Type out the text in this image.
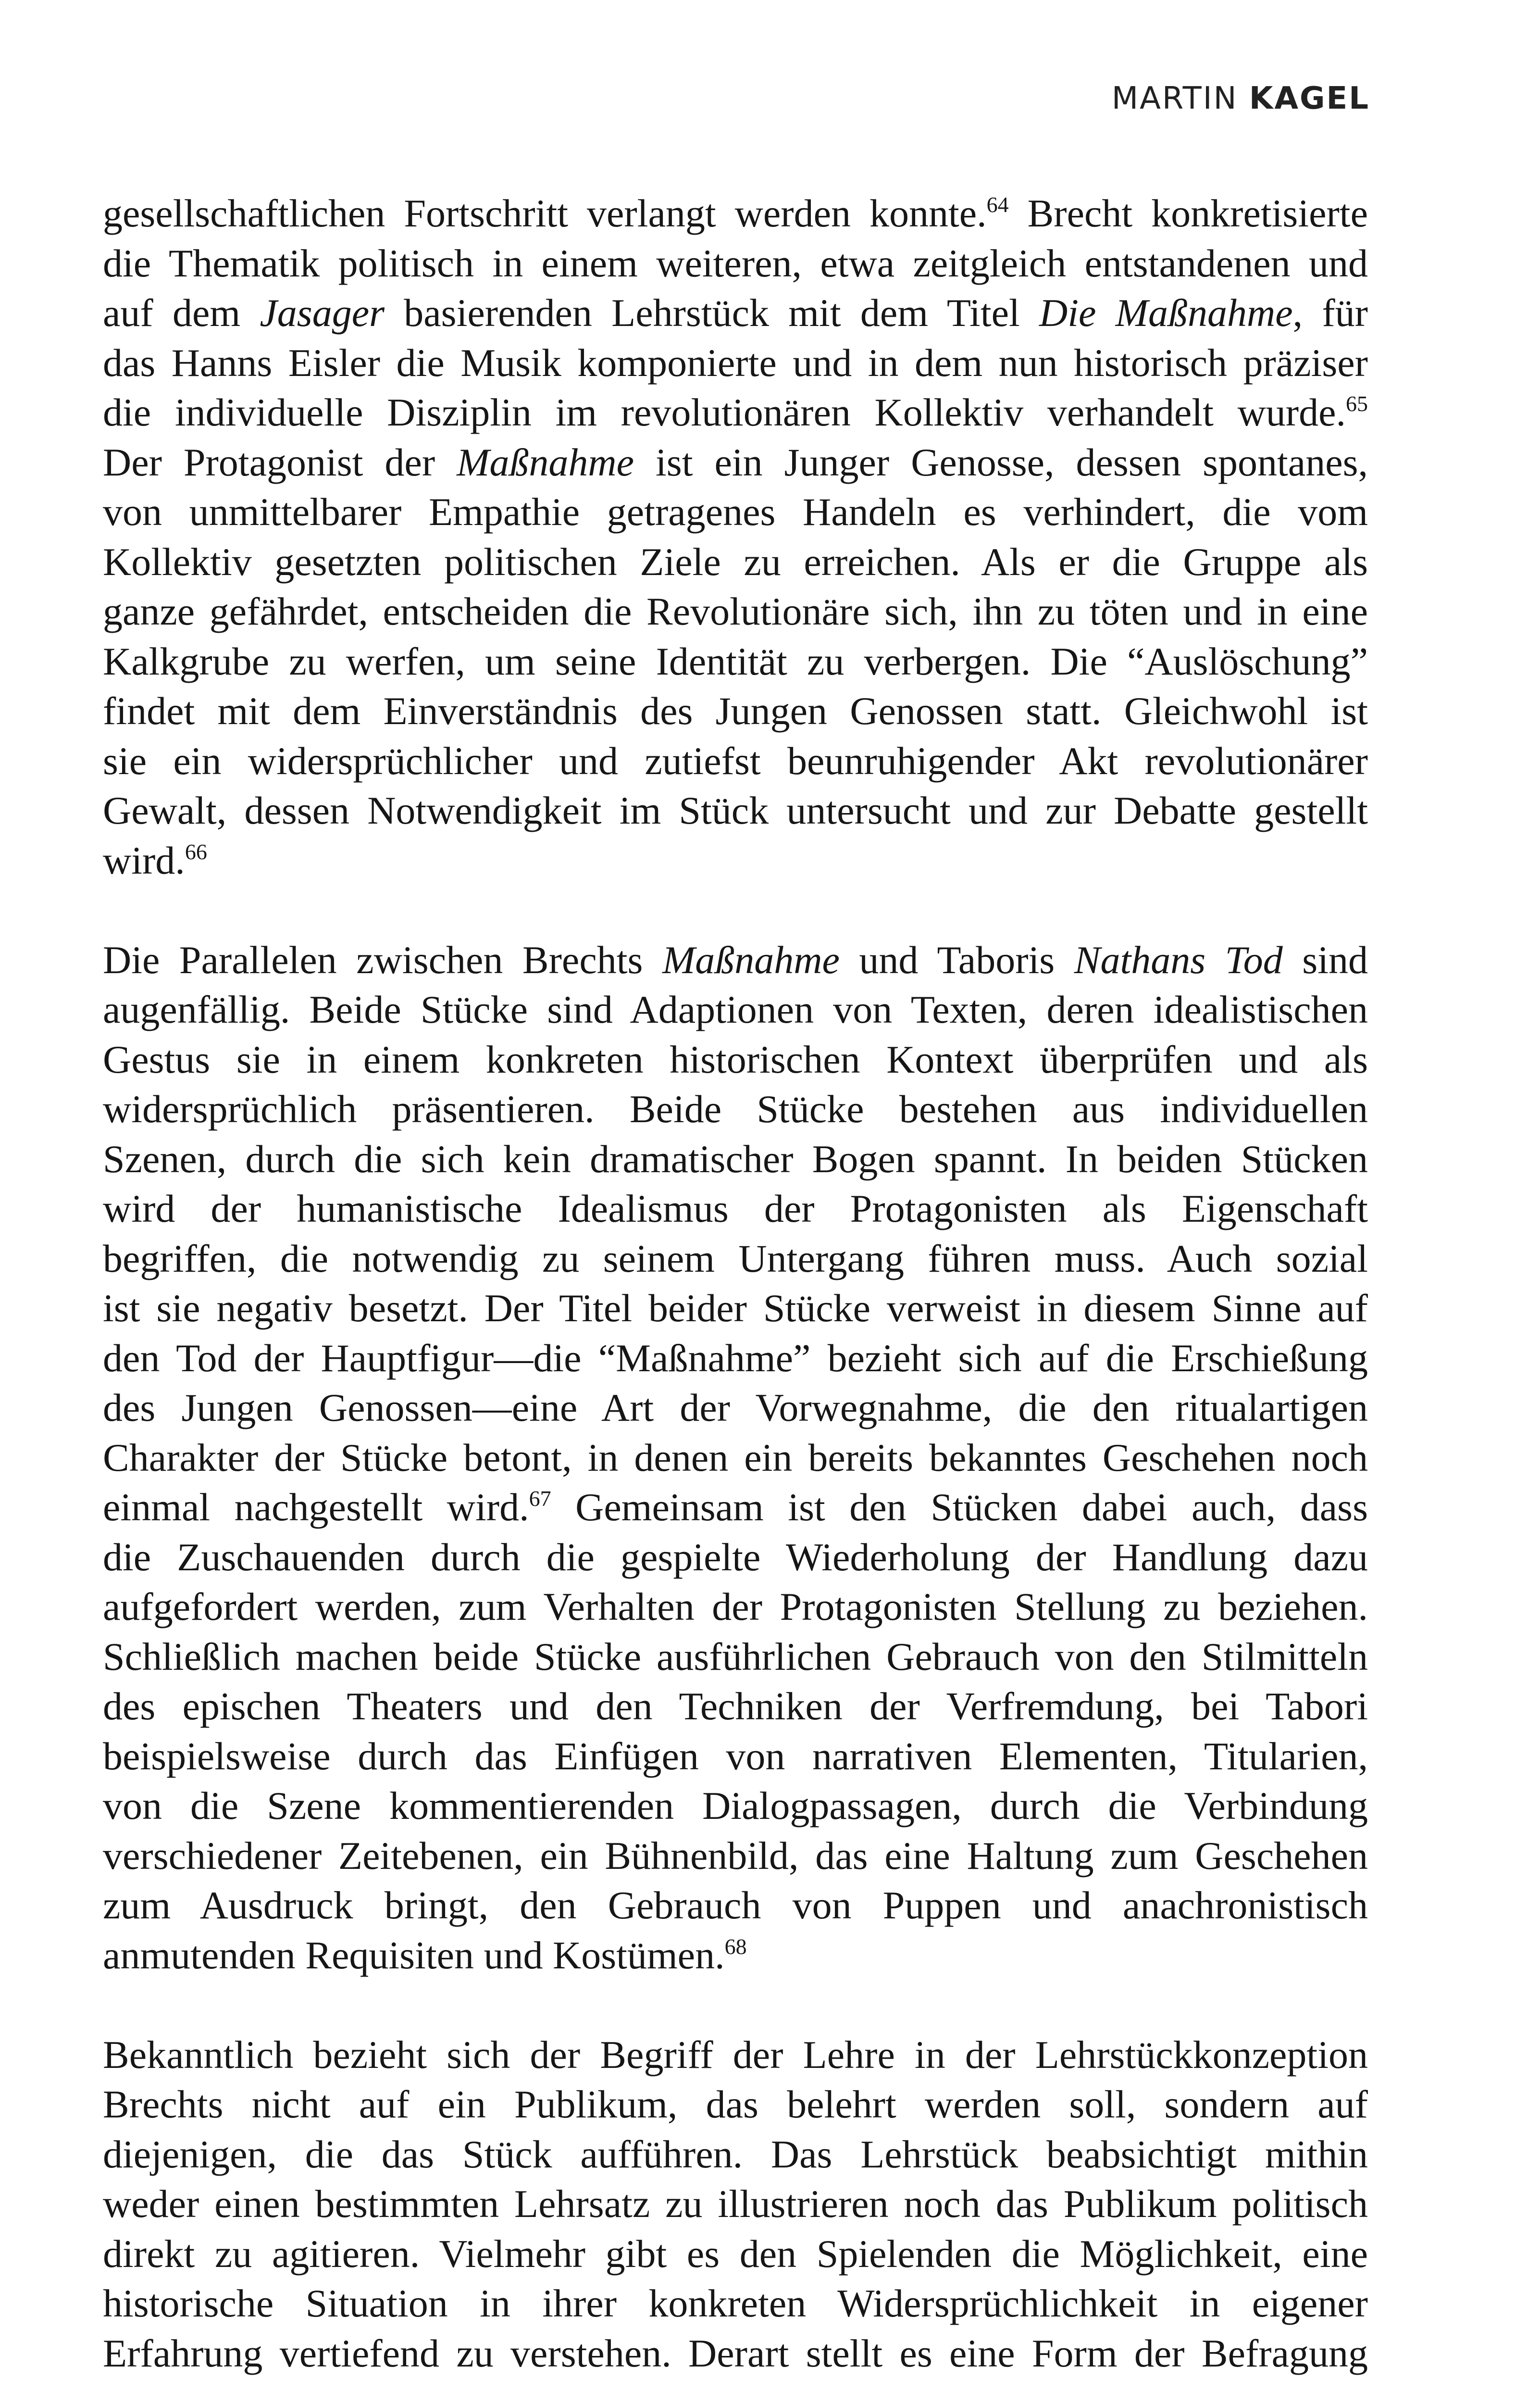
MARTIN KAGEL

gesellschaftlichen Fortschritt verlangt werden konnte.$^{64}$ Brecht konkretisierte
die Thematik politisch in einem weiteren, etwa zeitgleich entstandenen und
auf dem Jasager basierenden Lehrstück mit dem Titel Die Maßnahme, für
das Hanns Eisler die Musik komponierte und in dem nun historisch präziser
die individuelle Disziplin im revolutionären Kollektiv verhandelt wurde.$^{65}$
Der Protagonist der Maßnahme ist ein Junger Genosse, dessen spontanes,
von unmittelbarer Empathie getragenes Handeln es verhindert, die vom
Kollektiv gesetzten politischen Ziele zu erreichen. Als er die Gruppe als
ganze gefährdet, entscheiden die Revolutionäre sich, ihn zu töten und in eine
Kalkgrube zu werfen, um seine Identität zu verbergen. Die “Auslöschung”
findet mit dem Einverständnis des Jungen Genossen statt. Gleichwohl ist
sie ein widersprüchlicher und zutiefst beunruhigender Akt revolutionärer
Gewalt, dessen Notwendigkeit im Stück untersucht und zur Debatte gestellt
wird.$^{66}$

Die Parallelen zwischen Brechts Maßnahme und Taboris Nathans Tod sind
augenfällig. Beide Stücke sind Adaptionen von Texten, deren idealistischen
Gestus sie in einem konkreten historischen Kontext überprüfen und als
widersprüchlich präsentieren. Beide Stücke bestehen aus individuellen
Szenen, durch die sich kein dramatischer Bogen spannt. In beiden Stücken
wird der humanistische Idealismus der Protagonisten als Eigenschaft
begriffen, die notwendig zu seinem Untergang führen muss. Auch sozial
ist sie negativ besetzt. Der Titel beider Stücke verweist in diesem Sinne auf
den Tod der Hauptfigur—die “Maßnahme” bezieht sich auf die Erschießung
des Jungen Genossen—eine Art der Vorwegnahme, die den ritualartigen
Charakter der Stücke betont, in denen ein bereits bekanntes Geschehen noch
einmal nachgestellt wird.$^{67}$ Gemeinsam ist den Stücken dabei auch, dass
die Zuschauenden durch die gespielte Wiederholung der Handlung dazu
aufgefordert werden, zum Verhalten der Protagonisten Stellung zu beziehen.
Schließlich machen beide Stücke ausführlichen Gebrauch von den Stilmitteln
des epischen Theaters und den Techniken der Verfremdung, bei Tabori
beispielsweise durch das Einfügen von narrativen Elementen, Titularien,
von die Szene kommentierenden Dialogpassagen, durch die Verbindung
verschiedener Zeitebenen, ein Bühnenbild, das eine Haltung zum Geschehen
zum Ausdruck bringt, den Gebrauch von Puppen und anachronistisch
anmutenden Requisiten und Kostümen.$^{68}$

Bekanntlich bezieht sich der Begriff der Lehre in der Lehrstückkonzeption
Brechts nicht auf ein Publikum, das belehrt werden soll, sondern auf
diejenigen, die das Stück aufführen. Das Lehrstück beabsichtigt mithin
weder einen bestimmten Lehrsatz zu illustrieren noch das Publikum politisch
direkt zu agitieren. Vielmehr gibt es den Spielenden die Möglichkeit, eine
historische Situation in ihrer konkreten Widersprüchlichkeit in eigener
Erfahrung vertiefend zu verstehen. Derart stellt es eine Form der Befragung
